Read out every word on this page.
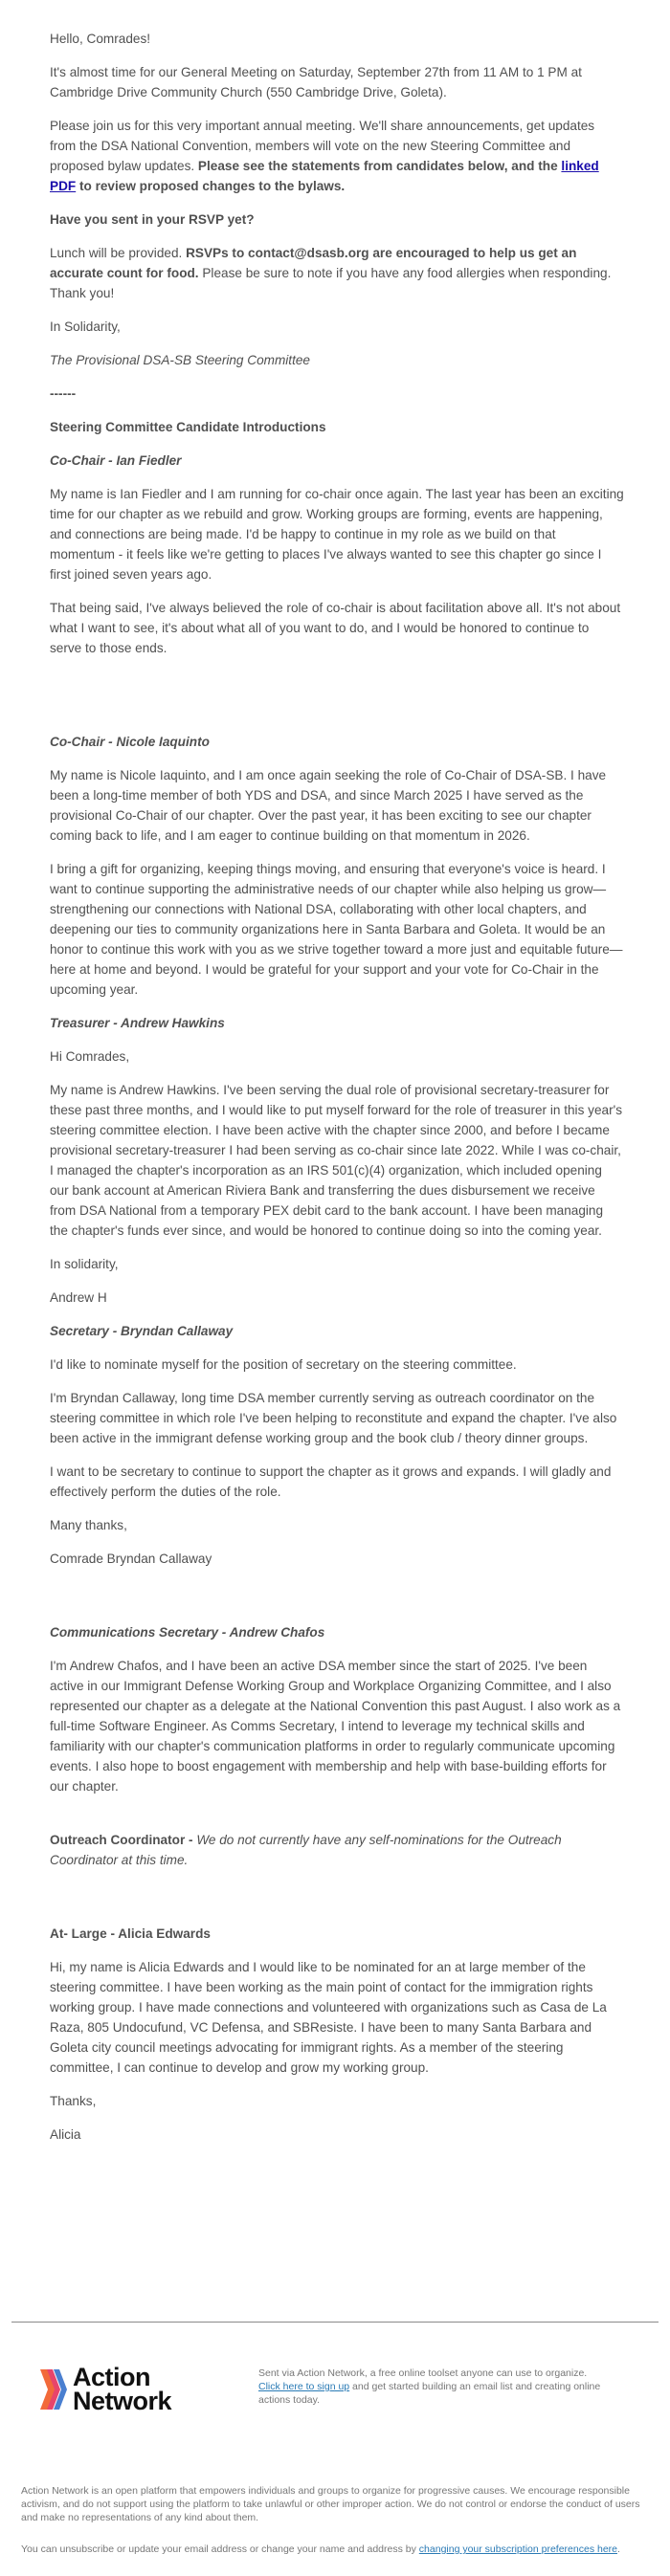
Hello, Comrades!

It's almost time for our General Meeting on Saturday, September 27th from 11 AM to 1 PM at Cambridge Drive Community Church (550 Cambridge Drive, Goleta).

Please join us for this very important annual meeting. We'll share announcements, get updates from the DSA National Convention, members will vote on the new Steering Committee and proposed bylaw updates. Please see the statements from candidates below, and the linked PDF to review proposed changes to the bylaws.

Have you sent in your RSVP yet?

Lunch will be provided. RSVPs to contact@dsasb.org are encouraged to help us get an accurate count for food. Please be sure to note if you have any food allergies when responding. Thank you!

In Solidarity,

The Provisional DSA-SB Steering Committee

------

Steering Committee Candidate Introductions
Co-Chair - Ian Fiedler

My name is Ian Fiedler and I am running for co-chair once again. The last year has been an exciting time for our chapter as we rebuild and grow. Working groups are forming, events are happening, and connections are being made. I'd be happy to continue in my role as we build on that momentum - it feels like we're getting to places I've always wanted to see this chapter go since I first joined seven years ago.

That being said, I've always believed the role of co-chair is about facilitation above all. It's not about what I want to see, it's about what all of you want to do, and I would be honored to continue to serve to those ends.

Co-Chair - Nicole Iaquinto

My name is Nicole Iaquinto, and I am once again seeking the role of Co-Chair of DSA-SB. I have been a long-time member of both YDS and DSA, and since March 2025 I have served as the provisional Co-Chair of our chapter. Over the past year, it has been exciting to see our chapter coming back to life, and I am eager to continue building on that momentum in 2026.

I bring a gift for organizing, keeping things moving, and ensuring that everyone's voice is heard. I want to continue supporting the administrative needs of our chapter while also helping us grow—strengthening our connections with National DSA, collaborating with other local chapters, and deepening our ties to community organizations here in Santa Barbara and Goleta. It would be an honor to continue this work with you as we strive together toward a more just and equitable future—here at home and beyond. I would be grateful for your support and your vote for Co-Chair in the upcoming year.

Treasurer - Andrew Hawkins

Hi Comrades,

My name is Andrew Hawkins. I've been serving the dual role of provisional secretary-treasurer for these past three months, and I would like to put myself forward for the role of treasurer in this year's steering committee election. I have been active with the chapter since 2000, and before I became provisional secretary-treasurer I had been serving as co-chair since late 2022. While I was co-chair, I managed the chapter's incorporation as an IRS 501(c)(4) organization, which included opening our bank account at American Riviera Bank and transferring the dues disbursement we receive from DSA National from a temporary PEX debit card to the bank account. I have been managing the chapter's funds ever since, and would be honored to continue doing so into the coming year.

In solidarity,

Andrew H

Secretary - Bryndan Callaway

I'd like to nominate myself for the position of secretary on the steering committee.

I'm Bryndan Callaway, long time DSA member currently serving as outreach coordinator on the steering committee in which role I've been helping to reconstitute and expand the chapter. I've also been active in the immigrant defense working group and the book club / theory dinner groups.

I want to be secretary to continue to support the chapter as it grows and expands. I will gladly and effectively perform the duties of the role.

Many thanks,

Comrade Bryndan Callaway

Communications Secretary - Andrew Chafos

I'm Andrew Chafos, and I have been an active DSA member since the start of 2025. I've been active in our Immigrant Defense Working Group and Workplace Organizing Committee, and I also represented our chapter as a delegate at the National Convention this past August. I also work as a full-time Software Engineer. As Comms Secretary, I intend to leverage my technical skills and familiarity with our chapter's communication platforms in order to regularly communicate upcoming events. I also hope to boost engagement with membership and help with base-building efforts for our chapter.

Outreach Coordinator - We do not currently have any self-nominations for the Outreach Coordinator at this time.

At- Large - Alicia Edwards

Hi, my name is Alicia Edwards and I would like to be nominated for an at large member of the steering committee. I have been working as the main point of contact for the immigration rights working group. I have made connections and volunteered with organizations such as Casa de La Raza, 805 Undocufund, VC Defensa, and SBResiste. I have been to many Santa Barbara and Goleta city council meetings advocating for immigrant rights. As a member of the steering committee, I can continue to develop and grow my working group.

Thanks,

Alicia

Action
Network
Sent via Action Network, a free online toolset anyone can use to organize.
Click here to sign up and get started building an email list and creating online actions today.
Action Network is an open platform that empowers individuals and groups to organize for progressive causes. We encourage responsible activism, and do not support using the platform to take unlawful or other improper action. We do not control or endorse the conduct of users and make no representations of any kind about them.
You can unsubscribe or update your email address or change your name and address by changing your subscription preferences here.
